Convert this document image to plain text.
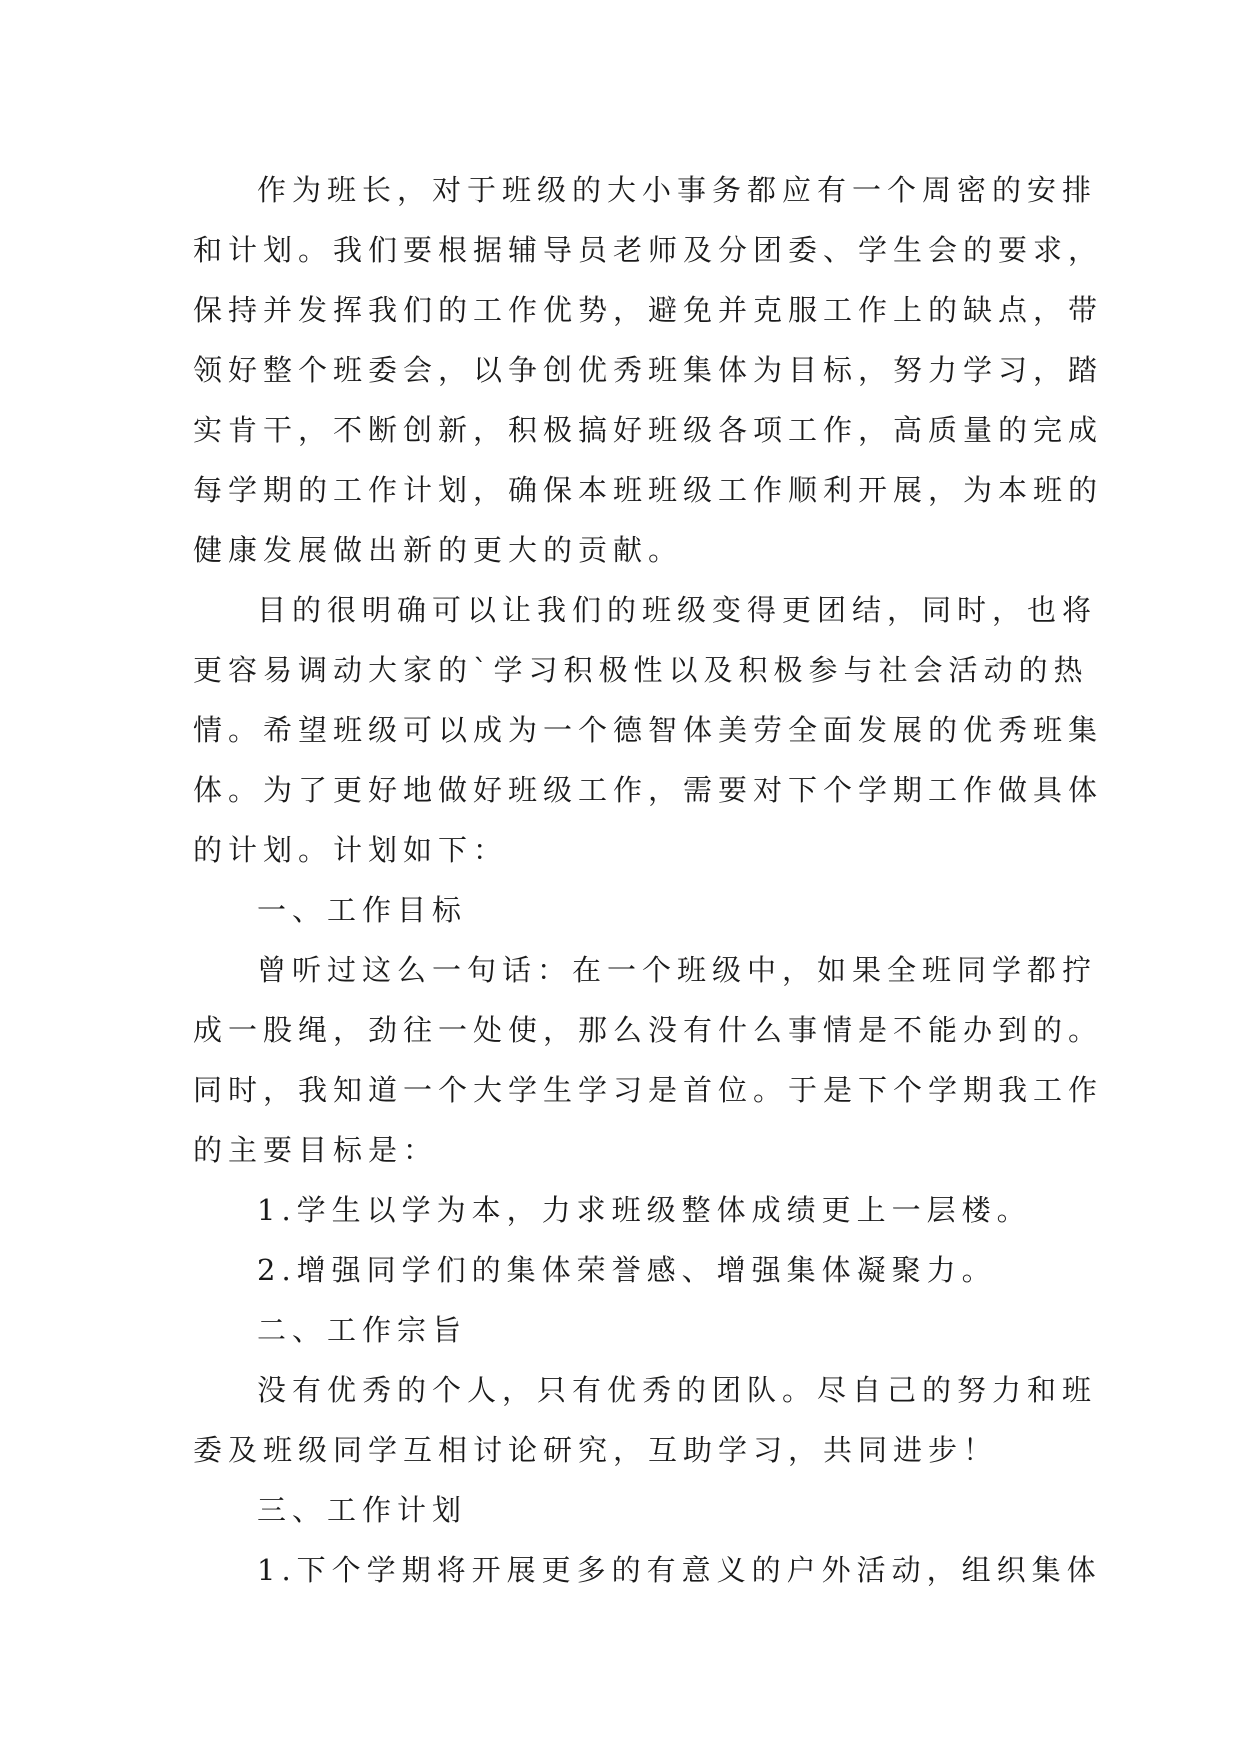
作为班长，对于班级的大小事务都应有一个周密的安排
和计划。我们要根据辅导员老师及分团委、学生会的要求，
保持并发挥我们的工作优势，避免并克服工作上的缺点，带
领好整个班委会，以争创优秀班集体为目标，努力学习，踏
实肯干，不断创新，积极搞好班级各项工作，高质量的完成
每学期的工作计划，确保本班班级工作顺利开展，为本班的
健康发展做出新的更大的贡献。
目的很明确可以让我们的班级变得更团结，同时，也将
更容易调动大家的`学习积极性以及积极参与社会活动的热
情。希望班级可以成为一个德智体美劳全面发展的优秀班集
体。为了更好地做好班级工作，需要对下个学期工作做具体
的计划。计划如下：
一、工作目标
曾听过这么一句话：在一个班级中，如果全班同学都拧
成一股绳，劲往一处使，那么没有什么事情是不能办到的。
同时，我知道一个大学生学习是首位。于是下个学期我工作
的主要目标是：
1.学生以学为本，力求班级整体成绩更上一层楼。
2.增强同学们的集体荣誉感、增强集体凝聚力。
二、工作宗旨
没有优秀的个人，只有优秀的团队。尽自己的努力和班
委及班级同学互相讨论研究，互助学习，共同进步！
三、工作计划
1.下个学期将开展更多的有意义的户外活动，组织集体
